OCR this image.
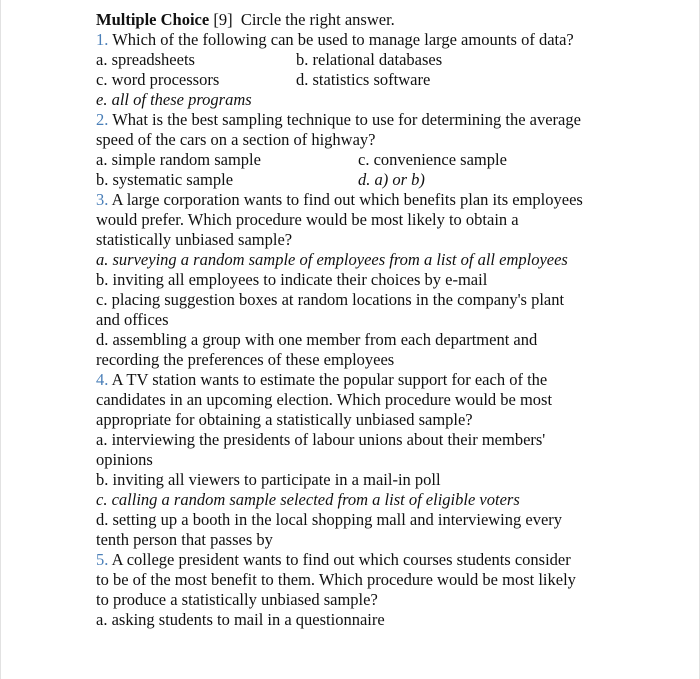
Multiple Choice [9] Circle the right answer.
1. Which of the following can be used to manage large amounts of data?
a. spreadsheets	b. relational databases
c. word processors	d. statistics software
e. all of these programs
2. What is the best sampling technique to use for determining the average
speed of the cars on a section of highway?
a. simple random sample	c. convenience sample
b. systematic sample	d. a) or b)
3. A large corporation wants to find out which benefits plan its employees
would prefer. Which procedure would be most likely to obtain a
statistically unbiased sample?
a. surveying a random sample of employees from a list of all employees
b. inviting all employees to indicate their choices by e-mail
c. placing suggestion boxes at random locations in the company's plant
and offices
d. assembling a group with one member from each department and
recording the preferences of these employees
4. A TV station wants to estimate the popular support for each of the
candidates in an upcoming election. Which procedure would be most
appropriate for obtaining a statistically unbiased sample?
a. interviewing the presidents of labour unions about their members'
opinions
b. inviting all viewers to participate in a mail-in poll
c. calling a random sample selected from a list of eligible voters
d. setting up a booth in the local shopping mall and interviewing every
tenth person that passes by
5. A college president wants to find out which courses students consider
to be of the most benefit to them. Which procedure would be most likely
to produce a statistically unbiased sample?
a. asking students to mail in a questionnaire
